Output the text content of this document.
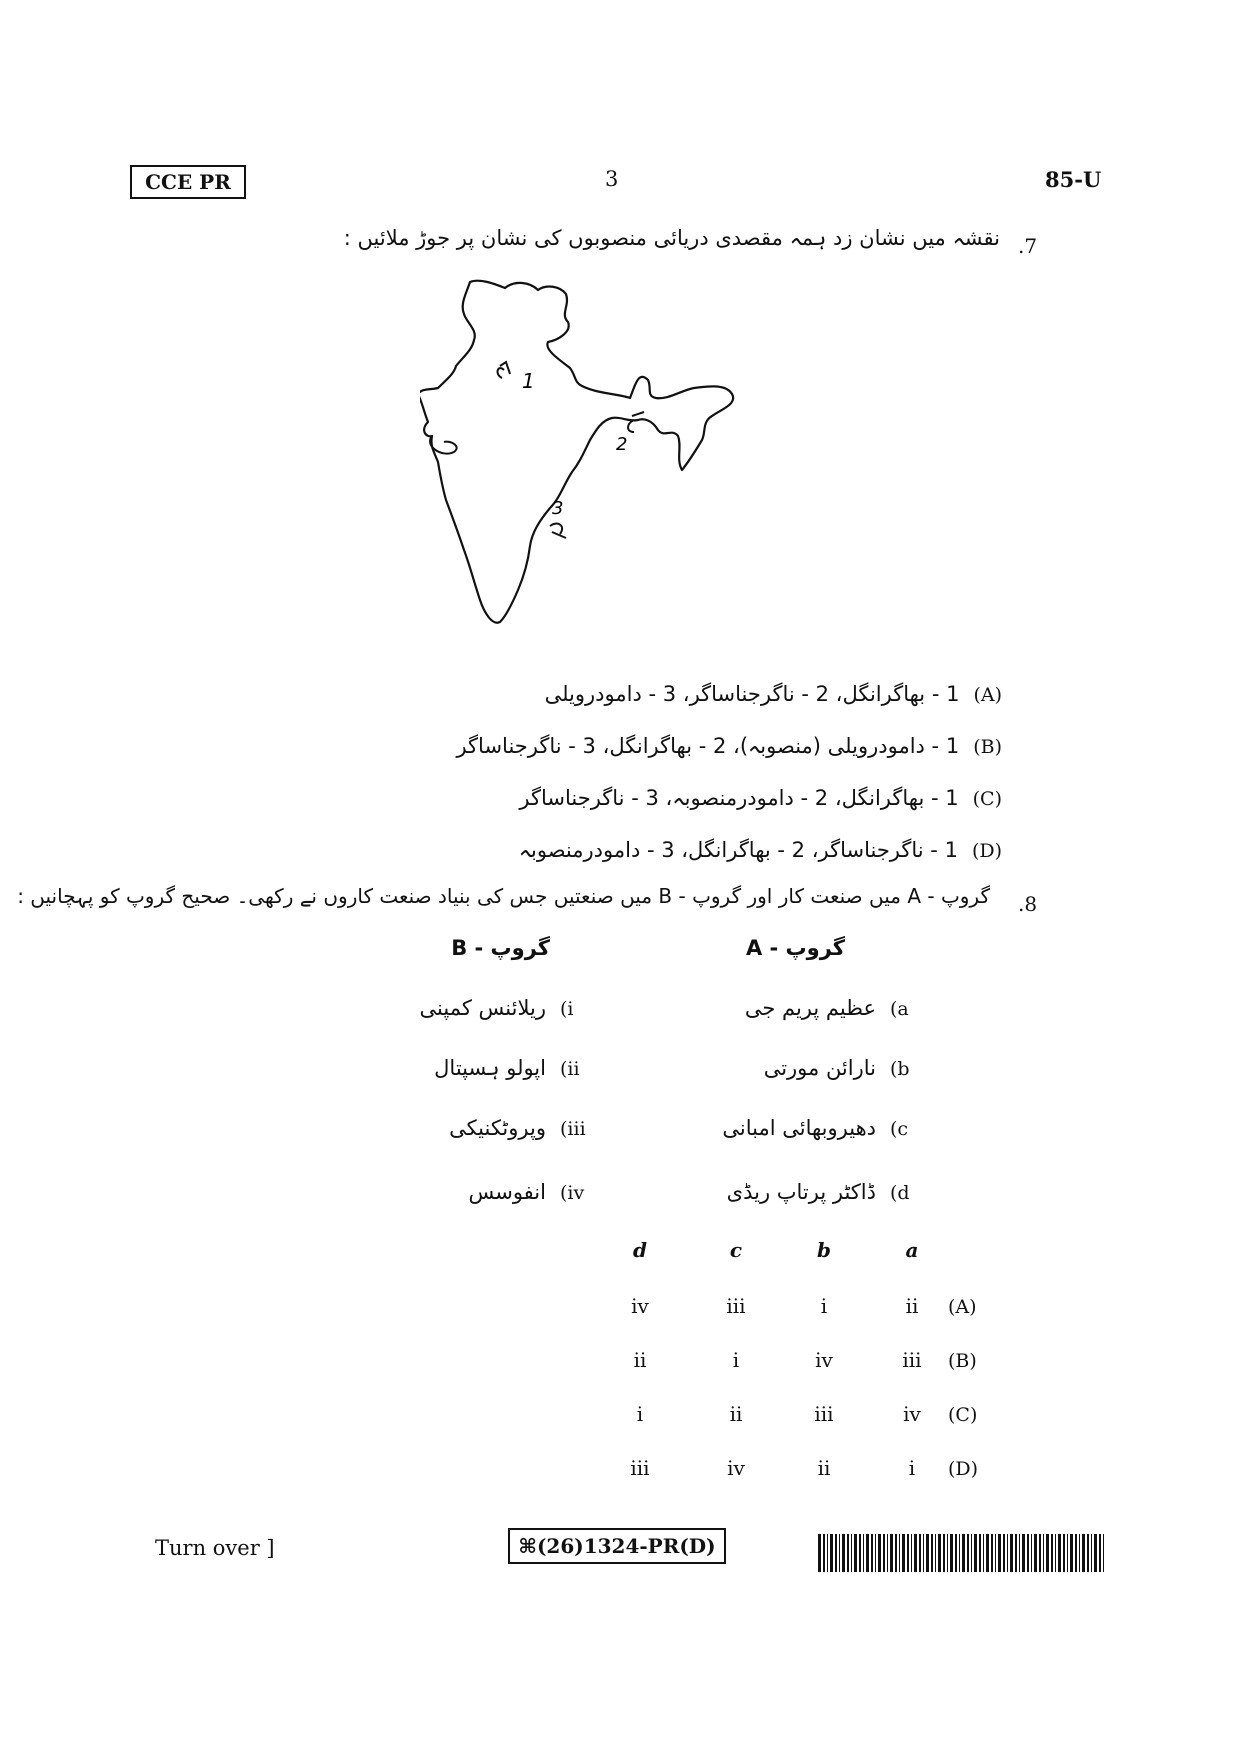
CCE PR	3	85-U
.7
نقشہ میں نشان زد ہمہ مقصدی دریائی منصوبوں کی نشان پر جوڑ ملائیں :
1
2
3
1 - بھاگرانگل، 2 - ناگرجناساگر، 3 - دامودرویلی (A)
1 - دامودرویلی (منصوبہ)، 2 - بھاگرانگل، 3 - ناگرجناساگر (B)
1 - بھاگرانگل، 2 - دامودرمنصوبہ، 3 - ناگرجناساگر (C)
1 - ناگرجناساگر، 2 - بھاگرانگل، 3 - دامودرمنصوبہ (D)
.8
گروپ - A میں صنعت کار اور گروپ - B میں صنعتیں جس کی بنیاد صنعت کاروں نے رکھی۔ صحیح گروپ کو پہچانیں :
گروپ - A
گروپ - B
عظیم پریم جی (a
نارائن مورتی (b
دھیروبھائی امبانی (c
ڈاکٹر پرتاپ ریڈی (d
ریلائنس کمپنی (i
اپولو ہسپتال (ii
وپروٹکنیکی (iii
انفوسس (iv
d	c	b	a
iv	iii	i	ii	(A)
ii	i	iv	iii	(B)
i	ii	iii	iv	(C)
iii	iv	ii	i	(D)
Turn over ]	⌘(26)1324-PR(D)
